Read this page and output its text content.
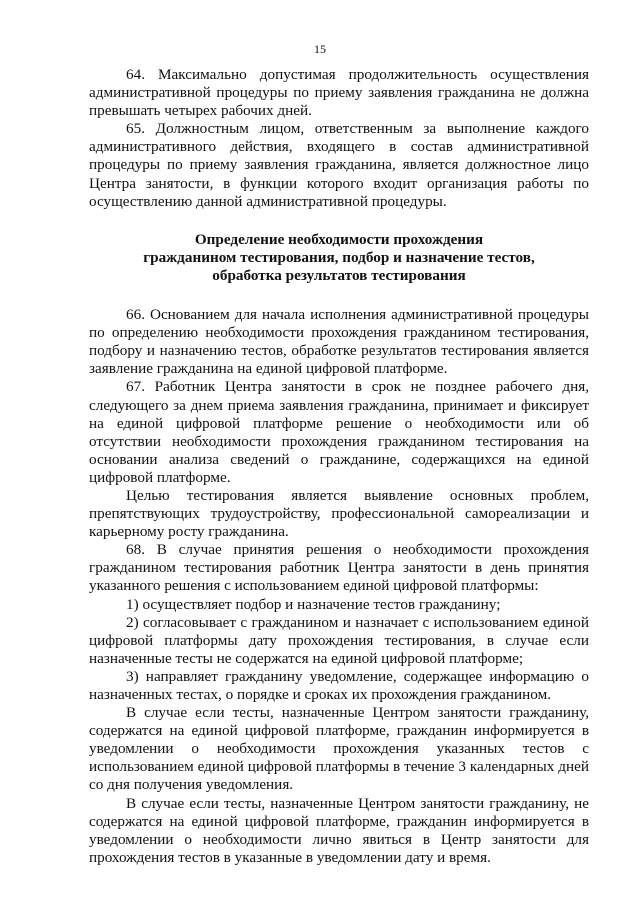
15

64. Максимально допустимая продолжительность осуществления административной процедуры по приему заявления гражданина не должна превышать четырех рабочих дней.

65. Должностным лицом, ответственным за выполнение каждого административного действия, входящего в состав административной процедуры по приему заявления гражданина, является должностное лицо Центра занятости, в функции которого входит организация работы по осуществлению данной административной процедуры.

Определение необходимости прохождения
гражданином тестирования, подбор и назначение тестов,
обработка результатов тестирования

66. Основанием для начала исполнения административной процедуры по определению необходимости прохождения гражданином тестирования, подбору и назначению тестов, обработке результатов тестирования является заявление гражданина на единой цифровой платформе.

67. Работник Центра занятости в срок не позднее рабочего дня, следующего за днем приема заявления гражданина, принимает и фиксирует на единой цифровой платформе решение о необходимости или об отсутствии необходимости прохождения гражданином тестирования на основании анализа сведений о гражданине, содержащихся на единой цифровой платформе.

Целью тестирования является выявление основных проблем, препятствующих трудоустройству, профессиональной самореализации и карьерному росту гражданина.

68. В случае принятия решения о необходимости прохождения гражданином тестирования работник Центра занятости в день принятия указанного решения с использованием единой цифровой платформы:

1) осуществляет подбор и назначение тестов гражданину;

2) согласовывает с гражданином и назначает с использованием единой цифровой платформы дату прохождения тестирования, в случае если назначенные тесты не содержатся на единой цифровой платформе;

3) направляет гражданину уведомление, содержащее информацию о назначенных тестах, о порядке и сроках их прохождения гражданином.

В случае если тесты, назначенные Центром занятости гражданину, содержатся на единой цифровой платформе, гражданин информируется в уведомлении о необходимости прохождения указанных тестов с использованием единой цифровой платформы в течение 3 календарных дней со дня получения уведомления.

В случае если тесты, назначенные Центром занятости гражданину, не содержатся на единой цифровой платформе, гражданин информируется в уведомлении о необходимости лично явиться в Центр занятости для прохождения тестов в указанные в уведомлении дату и время.
